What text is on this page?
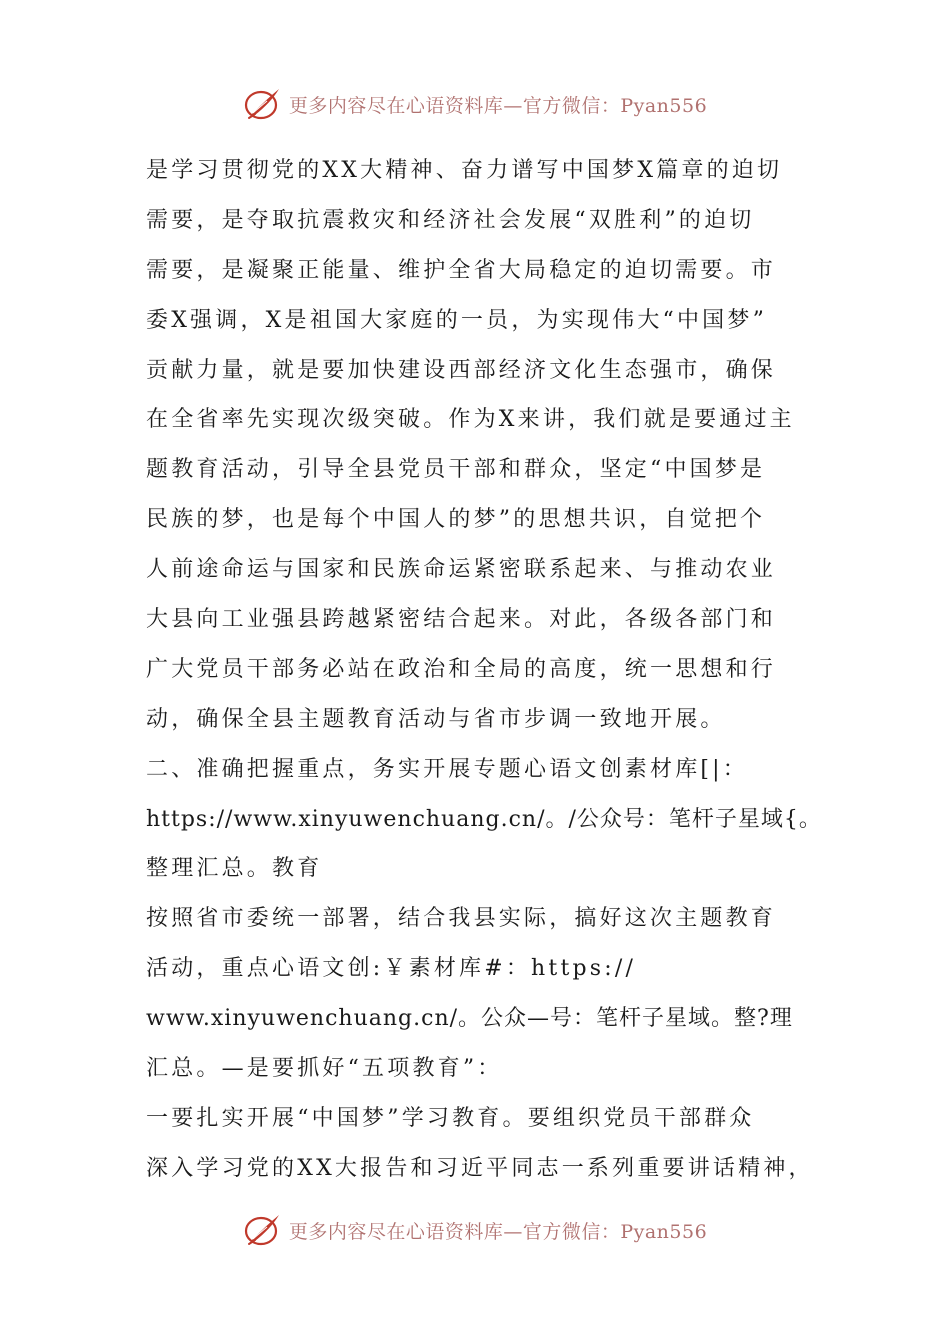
更多内容尽在心语资料库—官方微信：Pyan556
是学习贯彻党的XX大精神、奋力谱写中国梦X篇章的迫切
需要，是夺取抗震救灾和经济社会发展“双胜利”的迫切
需要，是凝聚正能量、维护全省大局稳定的迫切需要。市
委X强调，X是祖国大家庭的一员，为实现伟大“中国梦”
贡献力量，就是要加快建设西部经济文化生态强市，确保
在全省率先实现次级突破。作为X来讲，我们就是要通过主
题教育活动，引导全县党员干部和群众，坚定“中国梦是
民族的梦，也是每个中国人的梦”的思想共识，自觉把个
人前途命运与国家和民族命运紧密联系起来、与推动农业
大县向工业强县跨越紧密结合起来。对此，各级各部门和
广大党员干部务必站在政治和全局的高度，统一思想和行
动，确保全县主题教育活动与省市步调一致地开展。
二、准确把握重点，务实开展专题心语文创素材库[|：
https://www.xinyuwenchuang.cn/。/公众号：笔杆子星域{。
整理汇总。教育
按照省市委统一部署，结合我县实际，搞好这次主题教育
活动，重点心语文创:￥素材库#：https://
www.xinyuwenchuang.cn/。公众—号：笔杆子星域。整?理
汇总。—是要抓好“五项教育”：
一要扎实开展“中国梦”学习教育。要组织党员干部群众
深入学习党的XX大报告和习近平同志一系列重要讲话精神，
更多内容尽在心语资料库—官方微信：Pyan556
